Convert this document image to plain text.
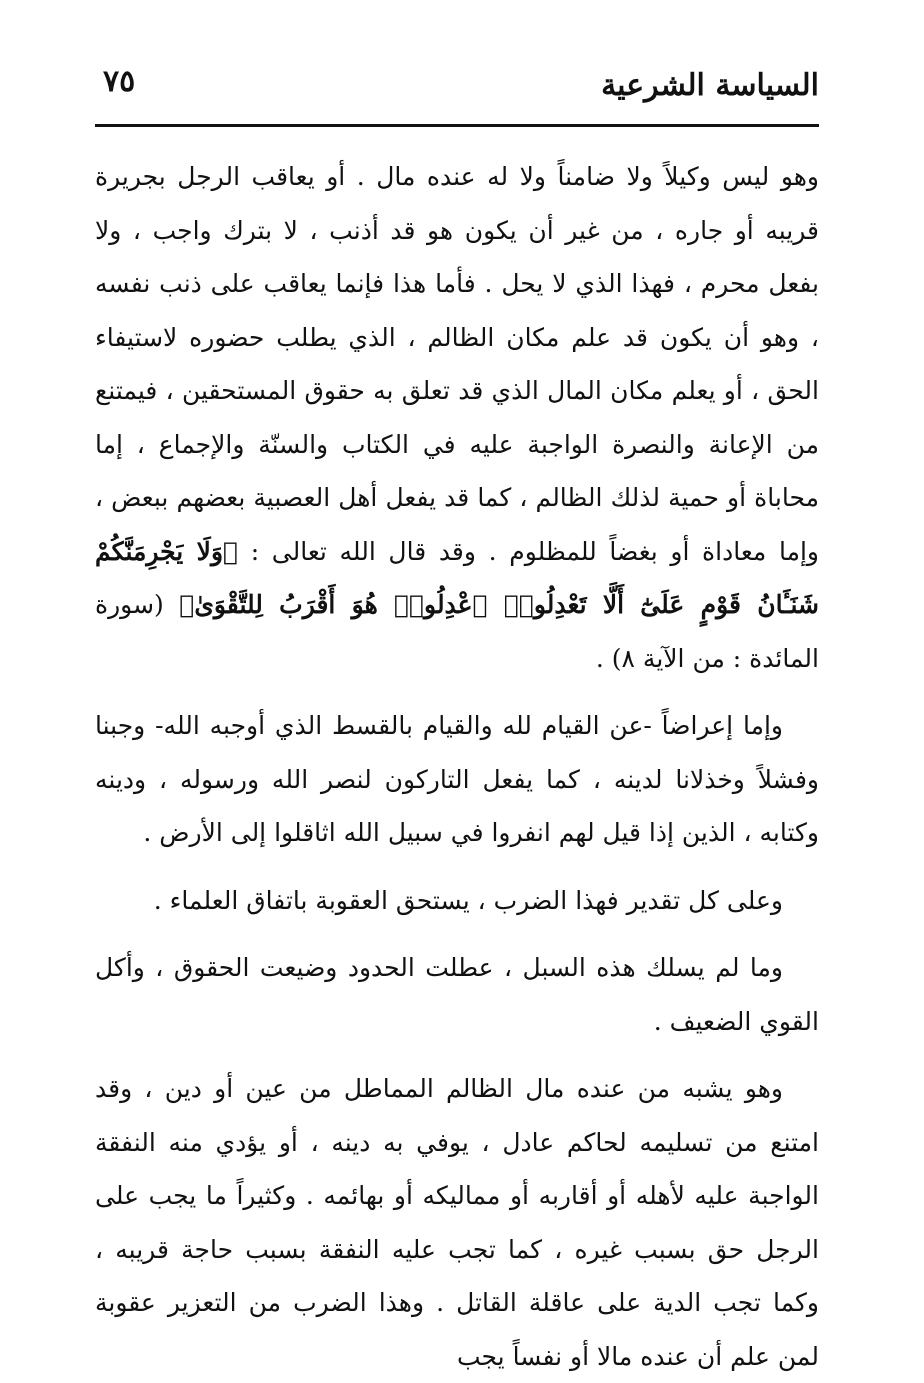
السياسة الشرعية
٧٥

وهو ليس وكيلاً ولا ضامناً ولا له عنده مال . أو يعاقب الرجل بجريرة قريبه أو جاره ، من غير أن يكون هو قد أذنب ، لا بترك واجب ، ولا بفعل محرم ، فهذا الذي لا يحل . فأما هذا فإنما يعاقب على ذنب نفسه ، وهو أن يكون قد علم مكان الظالم ، الذي يطلب حضوره لاستيفاء الحق ، أو يعلم مكان المال الذي قد تعلق به حقوق المستحقين ، فيمتنع من الإعانة والنصرة الواجبة عليه في الكتاب والسنّة والإجماع ، إما محاباة أو حمية لذلك الظالم ، كما قد يفعل أهل العصبية بعضهم ببعض ، وإما معاداة أو بغضاً للمظلوم . وقد قال الله تعالى : ﴿وَلَا يَجْرِمَنَّكُمْ شَنَـَٔانُ قَوْمٍ عَلَىٰٓ أَلَّا تَعْدِلُوا۟ ٱعْدِلُوا۟ هُوَ أَقْرَبُ لِلتَّقْوَىٰ﴾ (سورة المائدة : من الآية ٨) .

وإما إعراضاً -عن القيام لله والقيام بالقسط الذي أوجبه الله- وجبنا وفشلاً وخذلانا لدينه ، كما يفعل التاركون لنصر الله ورسوله ، ودينه وكتابه ، الذين إذا قيل لهم انفروا في سبيل الله اثاقلوا إلى الأرض .

وعلى كل تقدير فهذا الضرب ، يستحق العقوبة باتفاق العلماء .

وما لم يسلك هذه السبل ، عطلت الحدود وضيعت الحقوق ، وأكل القوي الضعيف .

وهو يشبه من عنده مال الظالم المماطل من عين أو دين ، وقد امتنع من تسليمه لحاكم عادل ، يوفي به دينه ، أو يؤدي منه النفقة الواجبة عليه لأهله أو أقاربه أو مماليكه أو بهائمه . وكثيراً ما يجب على الرجل حق بسبب غيره ، كما تجب عليه النفقة بسبب حاجة قريبه ، وكما تجب الدية على عاقلة القاتل . وهذا الضرب من التعزير عقوبة لمن علم أن عنده مالا أو نفساً يجب
